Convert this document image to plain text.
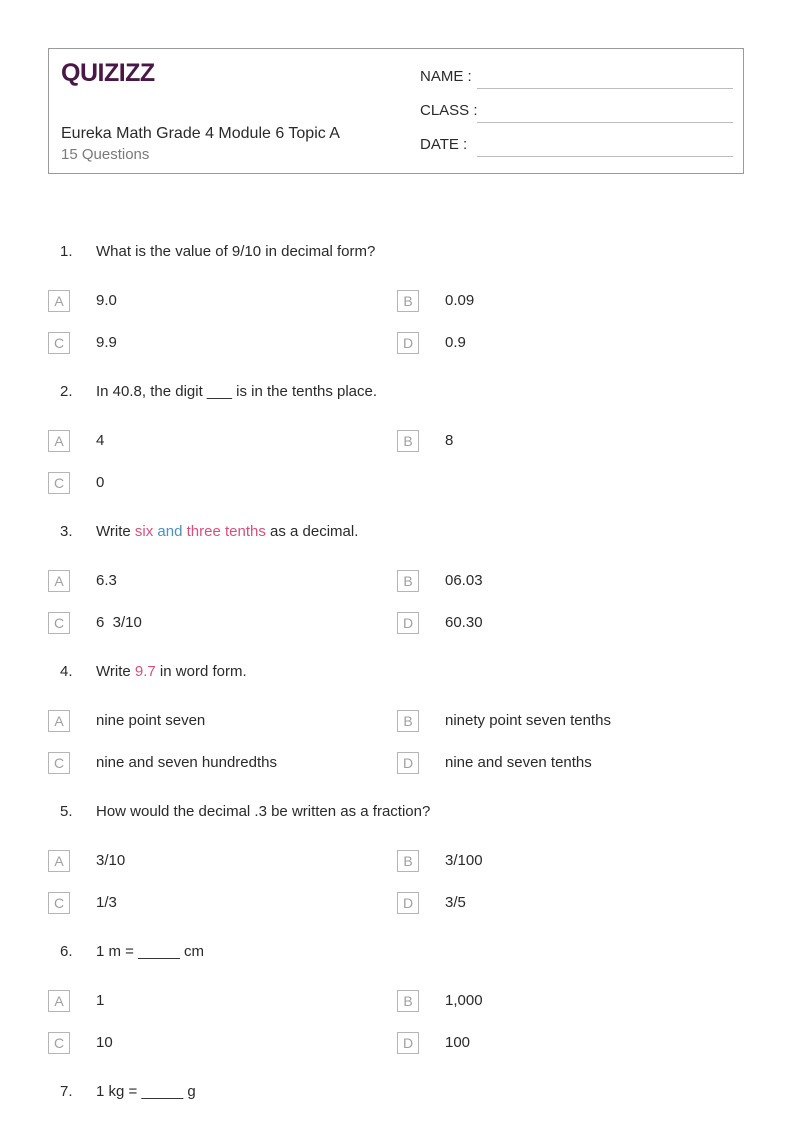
QUIZIZZ
Eureka Math Grade 4 Module 6 Topic A
15 Questions
NAME :
CLASS :
DATE :
1. What is the value of 9/10 in decimal form?
A	9.0	B	0.09
C	9.9	D	0.9
2. In 40.8, the digit ___ is in the tenths place.
A	4	B	8
C	0
3. Write six and three tenths as a decimal.
A	6.3	B	06.03
C	6  3/10	D	60.30
4. Write 9.7 in word form.
A	nine point seven	B	ninety point seven tenths
C	nine and seven hundredths	D	nine and seven tenths
5. How would the decimal .3 be written as a fraction?
A	3/10	B	3/100
C	1/3	D	3/5
6. 1 m = _____ cm
A	1	B	1,000
C	10	D	100
7. 1 kg = _____ g
